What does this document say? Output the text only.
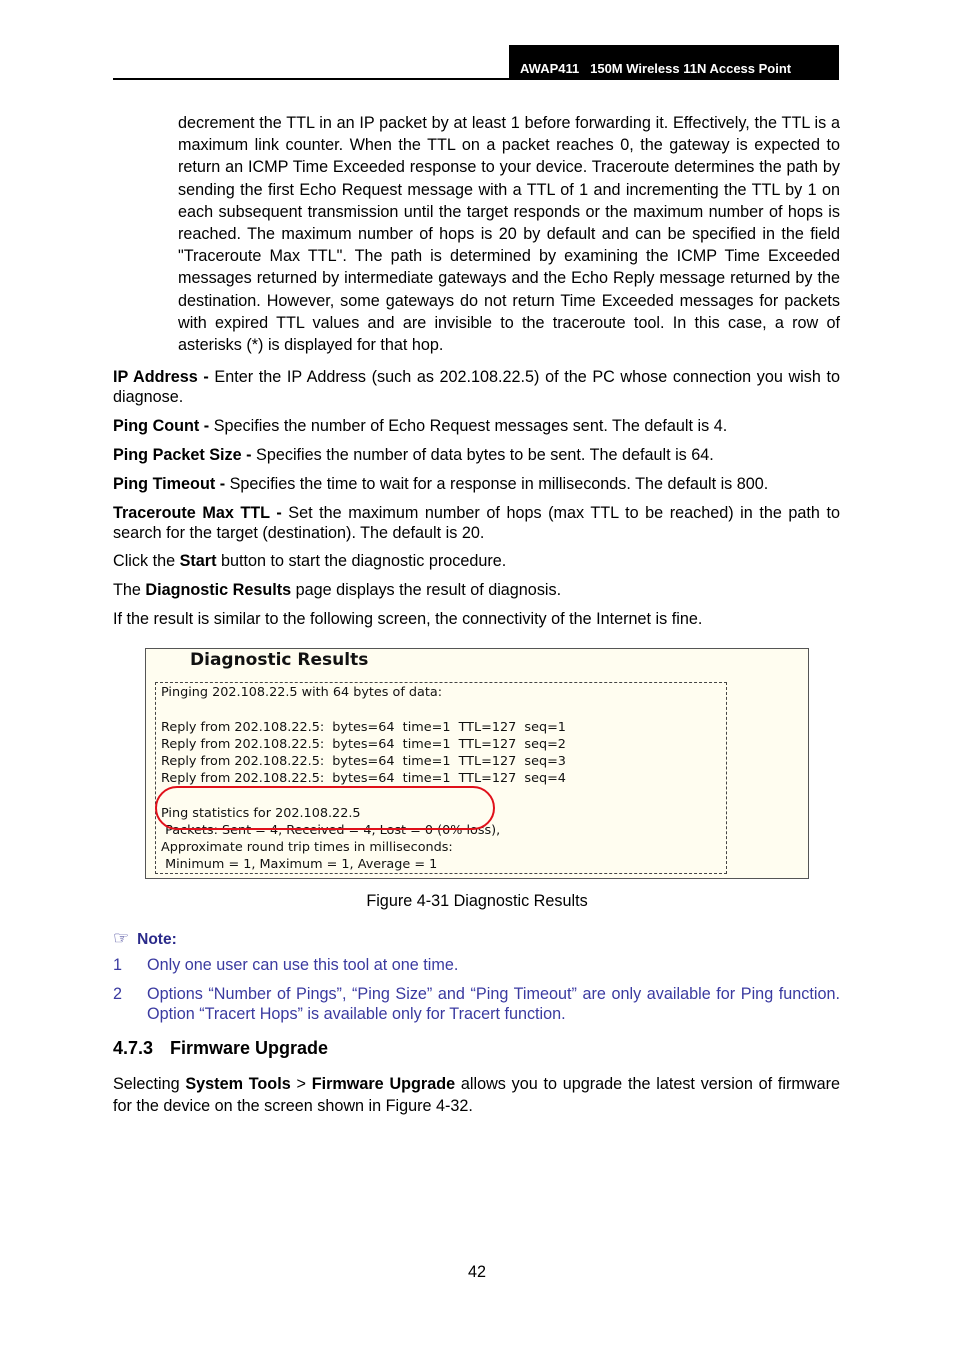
AWAP411 150M Wireless 11N Access Point
decrement the TTL in an IP packet by at least 1 before forwarding it. Effectively, the TTL is a maximum link counter. When the TTL on a packet reaches 0, the gateway is expected to return an ICMP Time Exceeded response to your device. Traceroute determines the path by sending the first Echo Request message with a TTL of 1 and incrementing the TTL by 1 on each subsequent transmission until the target responds or the maximum number of hops is reached. The maximum number of hops is 20 by default and can be specified in the field "Traceroute Max TTL". The path is determined by examining the ICMP Time Exceeded messages returned by intermediate gateways and the Echo Reply message returned by the destination. However, some gateways do not return Time Exceeded messages for packets with expired TTL values and are invisible to the traceroute tool. In this case, a row of asterisks (*) is displayed for that hop.
IP Address - Enter the IP Address (such as 202.108.22.5) of the PC whose connection you wish to diagnose.
Ping Count - Specifies the number of Echo Request messages sent. The default is 4.
Ping Packet Size - Specifies the number of data bytes to be sent. The default is 64.
Ping Timeout - Specifies the time to wait for a response in milliseconds. The default is 800.
Traceroute Max TTL - Set the maximum number of hops (max TTL to be reached) in the path to search for the target (destination). The default is 20.
Click the Start button to start the diagnostic procedure.
The Diagnostic Results page displays the result of diagnosis.
If the result is similar to the following screen, the connectivity of the Internet is fine.
Diagnostic Results
Pinging 202.108.22.5 with 64 bytes of data:
Reply from 202.108.22.5:  bytes=64  time=1  TTL=127  seq=1
Reply from 202.108.22.5:  bytes=64  time=1  TTL=127  seq=2
Reply from 202.108.22.5:  bytes=64  time=1  TTL=127  seq=3
Reply from 202.108.22.5:  bytes=64  time=1  TTL=127  seq=4
Ping statistics for 202.108.22.5
Packets: Sent = 4, Received = 4, Lost = 0 (0% loss),
Approximate round trip times in milliseconds:
Minimum = 1, Maximum = 1, Average = 1
Figure 4-31 Diagnostic Results
☞ Note:
1 Only one user can use this tool at one time.
2 Options “Number of Pings”, “Ping Size” and “Ping Timeout” are only available for Ping function. Option “Tracert Hops” is available only for Tracert function.
4.7.3 Firmware Upgrade
Selecting System Tools > Firmware Upgrade allows you to upgrade the latest version of firmware for the device on the screen shown in Figure 4-32.
42
